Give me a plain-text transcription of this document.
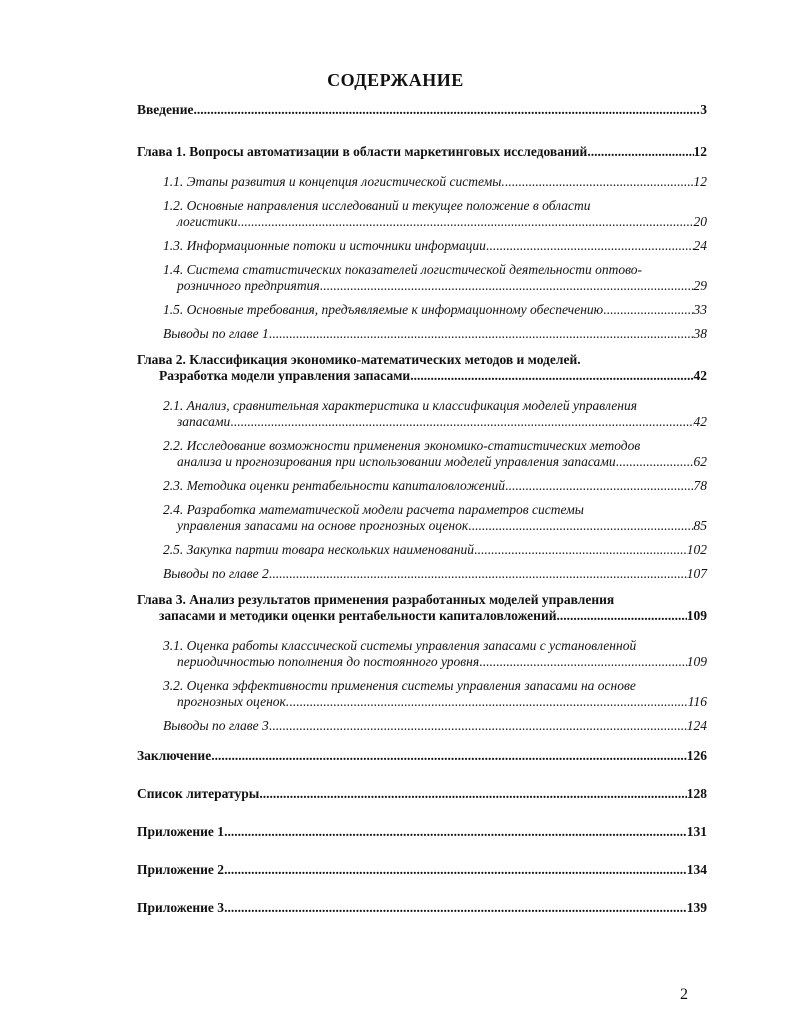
СОДЕРЖАНИЕ
Введение. .....	3
Глава 1. Вопросы автоматизации в области маркетинговых исследований .....	12
1.1. Этапы развития и концепция логистической системы. .....	12
1.2. Основные направления исследований и текущее положение в области
логистики .....	20
1.3. Информационные потоки и источники информации .....	24
1.4. Система статистических показателей логистической деятельности оптово-
розничного предприятия .....	29
1.5. Основные требования, предъявляемые к информационному обеспечению .....	33
Выводы по главе 1 .....	38
Глава 2. Классификация экономико-математических методов и моделей.
Разработка модели управления запасами .....	42
2.1. Анализ, сравнительная характеристика и классификация моделей управления
запасами .....	42
2.2. Исследование возможности применения экономико-статистических методов
анализа и прогнозирования при использовании моделей управления запасами .....	62
2.3. Методика оценки рентабельности капиталовложений .....	78
2.4. Разработка математической модели расчета параметров системы
управления запасами на основе прогнозных оценок .....	85
2.5. Закупка партии товара нескольких наименований .....	102
Выводы по главе 2 .....	107
Глава 3. Анализ результатов применения разработанных моделей управления
запасами и методики оценки рентабельности капиталовложений. .....	109
3.1. Оценка работы классической системы управления запасами с установленной
периодичностью пополнения до постоянного уровня .....	109
3.2. Оценка эффективности применения системы управления запасами на основе
прогнозных оценок. .....	116
Выводы по главе 3 .....	124
Заключение .....	126
Список литературы. .....	128
Приложение 1 .....	131
Приложение 2 .....	134
Приложение 3 .....	139
2
